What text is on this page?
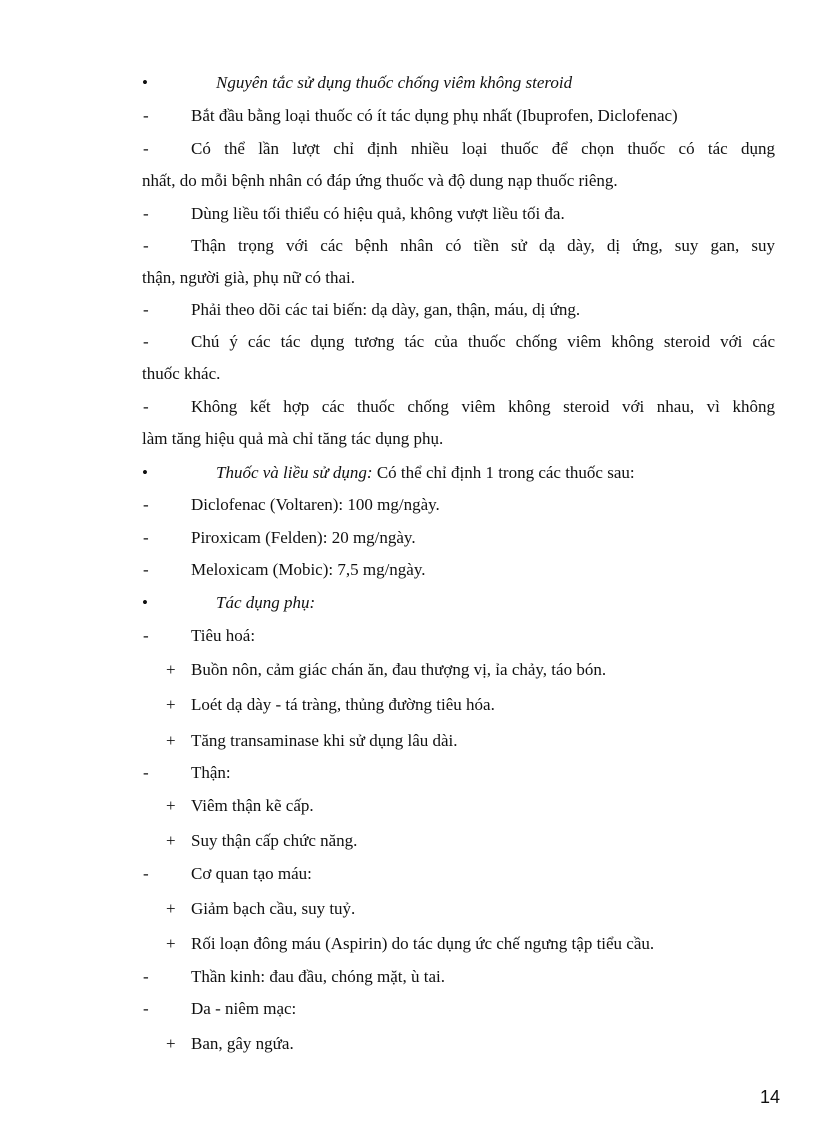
•	Nguyên tắc sử dụng thuốc chống viêm không steroid
- Bắt đầu bằng loại thuốc có ít tác dụng phụ nhất (Ibuprofen, Diclofenac)
- Có thể lần lượt chỉ định nhiều loại thuốc để chọn thuốc có tác dụng
nhất, do mỗi bệnh nhân có đáp ứng thuốc và độ dung nạp thuốc riêng.
- Dùng liều tối thiểu có hiệu quả, không vượt liều tối đa.
- Thận trọng với các bệnh nhân có tiền sử dạ dày, dị ứng, suy gan, suy
thận, người già, phụ nữ có thai.
- Phải theo dõi các tai biến: dạ dày, gan, thận, máu, dị ứng.
- Chú ý các tác dụng tương tác của thuốc chống viêm không steroid với các
thuốc khác.
- Không kết hợp các thuốc chống viêm không steroid với nhau, vì không
làm tăng hiệu quả mà chỉ tăng tác dụng phụ.
•	Thuốc và liều sử dụng: Có thể chỉ định 1 trong các thuốc sau:
- Diclofenac (Voltaren): 100 mg/ngày.
- Piroxicam (Felden): 20 mg/ngày.
- Meloxicam (Mobic): 7,5 mg/ngày.
•	Tác dụng phụ:
- Tiêu hoá:
+ Buồn nôn, cảm giác chán ăn, đau thượng vị, ỉa chảy, táo bón.
+ Loét dạ dày - tá tràng, thủng đường tiêu hóa.
+ Tăng transaminase khi sử dụng lâu dài.
- Thận:
+ Viêm thận kẽ cấp.
+ Suy thận cấp chức năng.
- Cơ quan tạo máu:
+ Giảm bạch cầu, suy tuỷ.
+ Rối loạn đông máu (Aspirin) do tác dụng ức chế ngưng tập tiểu cầu.
- Thần kinh: đau đầu, chóng mặt, ù tai.
- Da - niêm mạc:
+ Ban, gây ngứa.
14
